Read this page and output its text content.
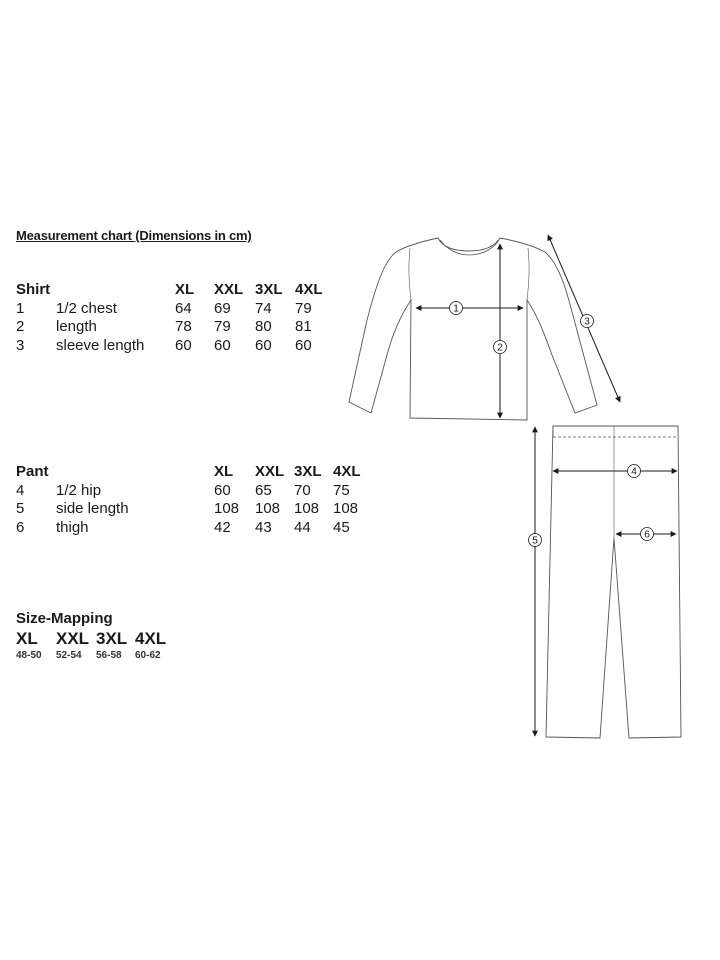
Measurement chart (Dimensions in cm)
Shirt	XL XXL 3XL 4XL
1 1/2 chest	64 69 74 79
2 length	78 79 80 81
3 sleeve length 60 60 60 60
Pant	XL XXL 3XL 4XL
4 1/2 hip	60 65 70 75
5 side length	108 108 108 108
6 thigh	42 43 44 45
Size-Mapping
XL XXL 3XL 4XL
48-50 52-54 56-58 60-62
1
2
3
4
5
6
